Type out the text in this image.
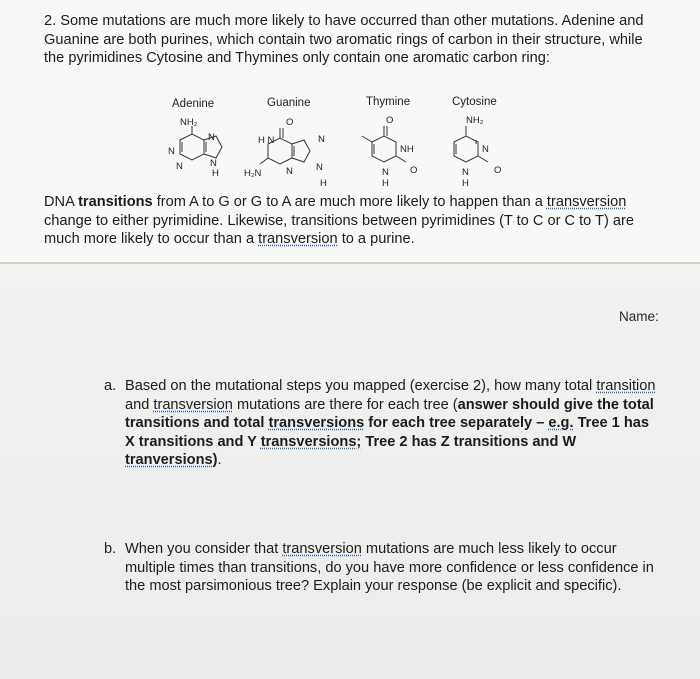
2. Some mutations are much more likely to have occurred than other mutations. Adenine and Guanine are both purines, which contain two aromatic rings of carbon in their structure, while the pyrimidines Cytosine and Thymines only contain one aromatic carbon ring:
Adenine	Guanine	Thymine	Cytosine
NH₂
N
N
N
N
H
O
H N	N
H₂N	N N
H
O
NH
N O
H
NH₂
N
N	O
H
DNA transitions from A to G or G to A are much more likely to happen than a transversion change to either pyrimidine. Likewise, transitions between pyrimidines (T to C or C to T) are much more likely to occur than a transversion to a purine.
Name:
a. Based on the mutational steps you mapped (exercise 2), how many total transition and transversion mutations are there for each tree (answer should give the total transitions and total transversions for each tree separately – e.g. Tree 1 has X transitions and Y transversions; Tree 2 has Z transitions and W tranversions).
b. When you consider that transversion mutations are much less likely to occur multiple times than transitions, do you have more confidence or less confidence in the most parsimonious tree? Explain your response (be explicit and specific).
